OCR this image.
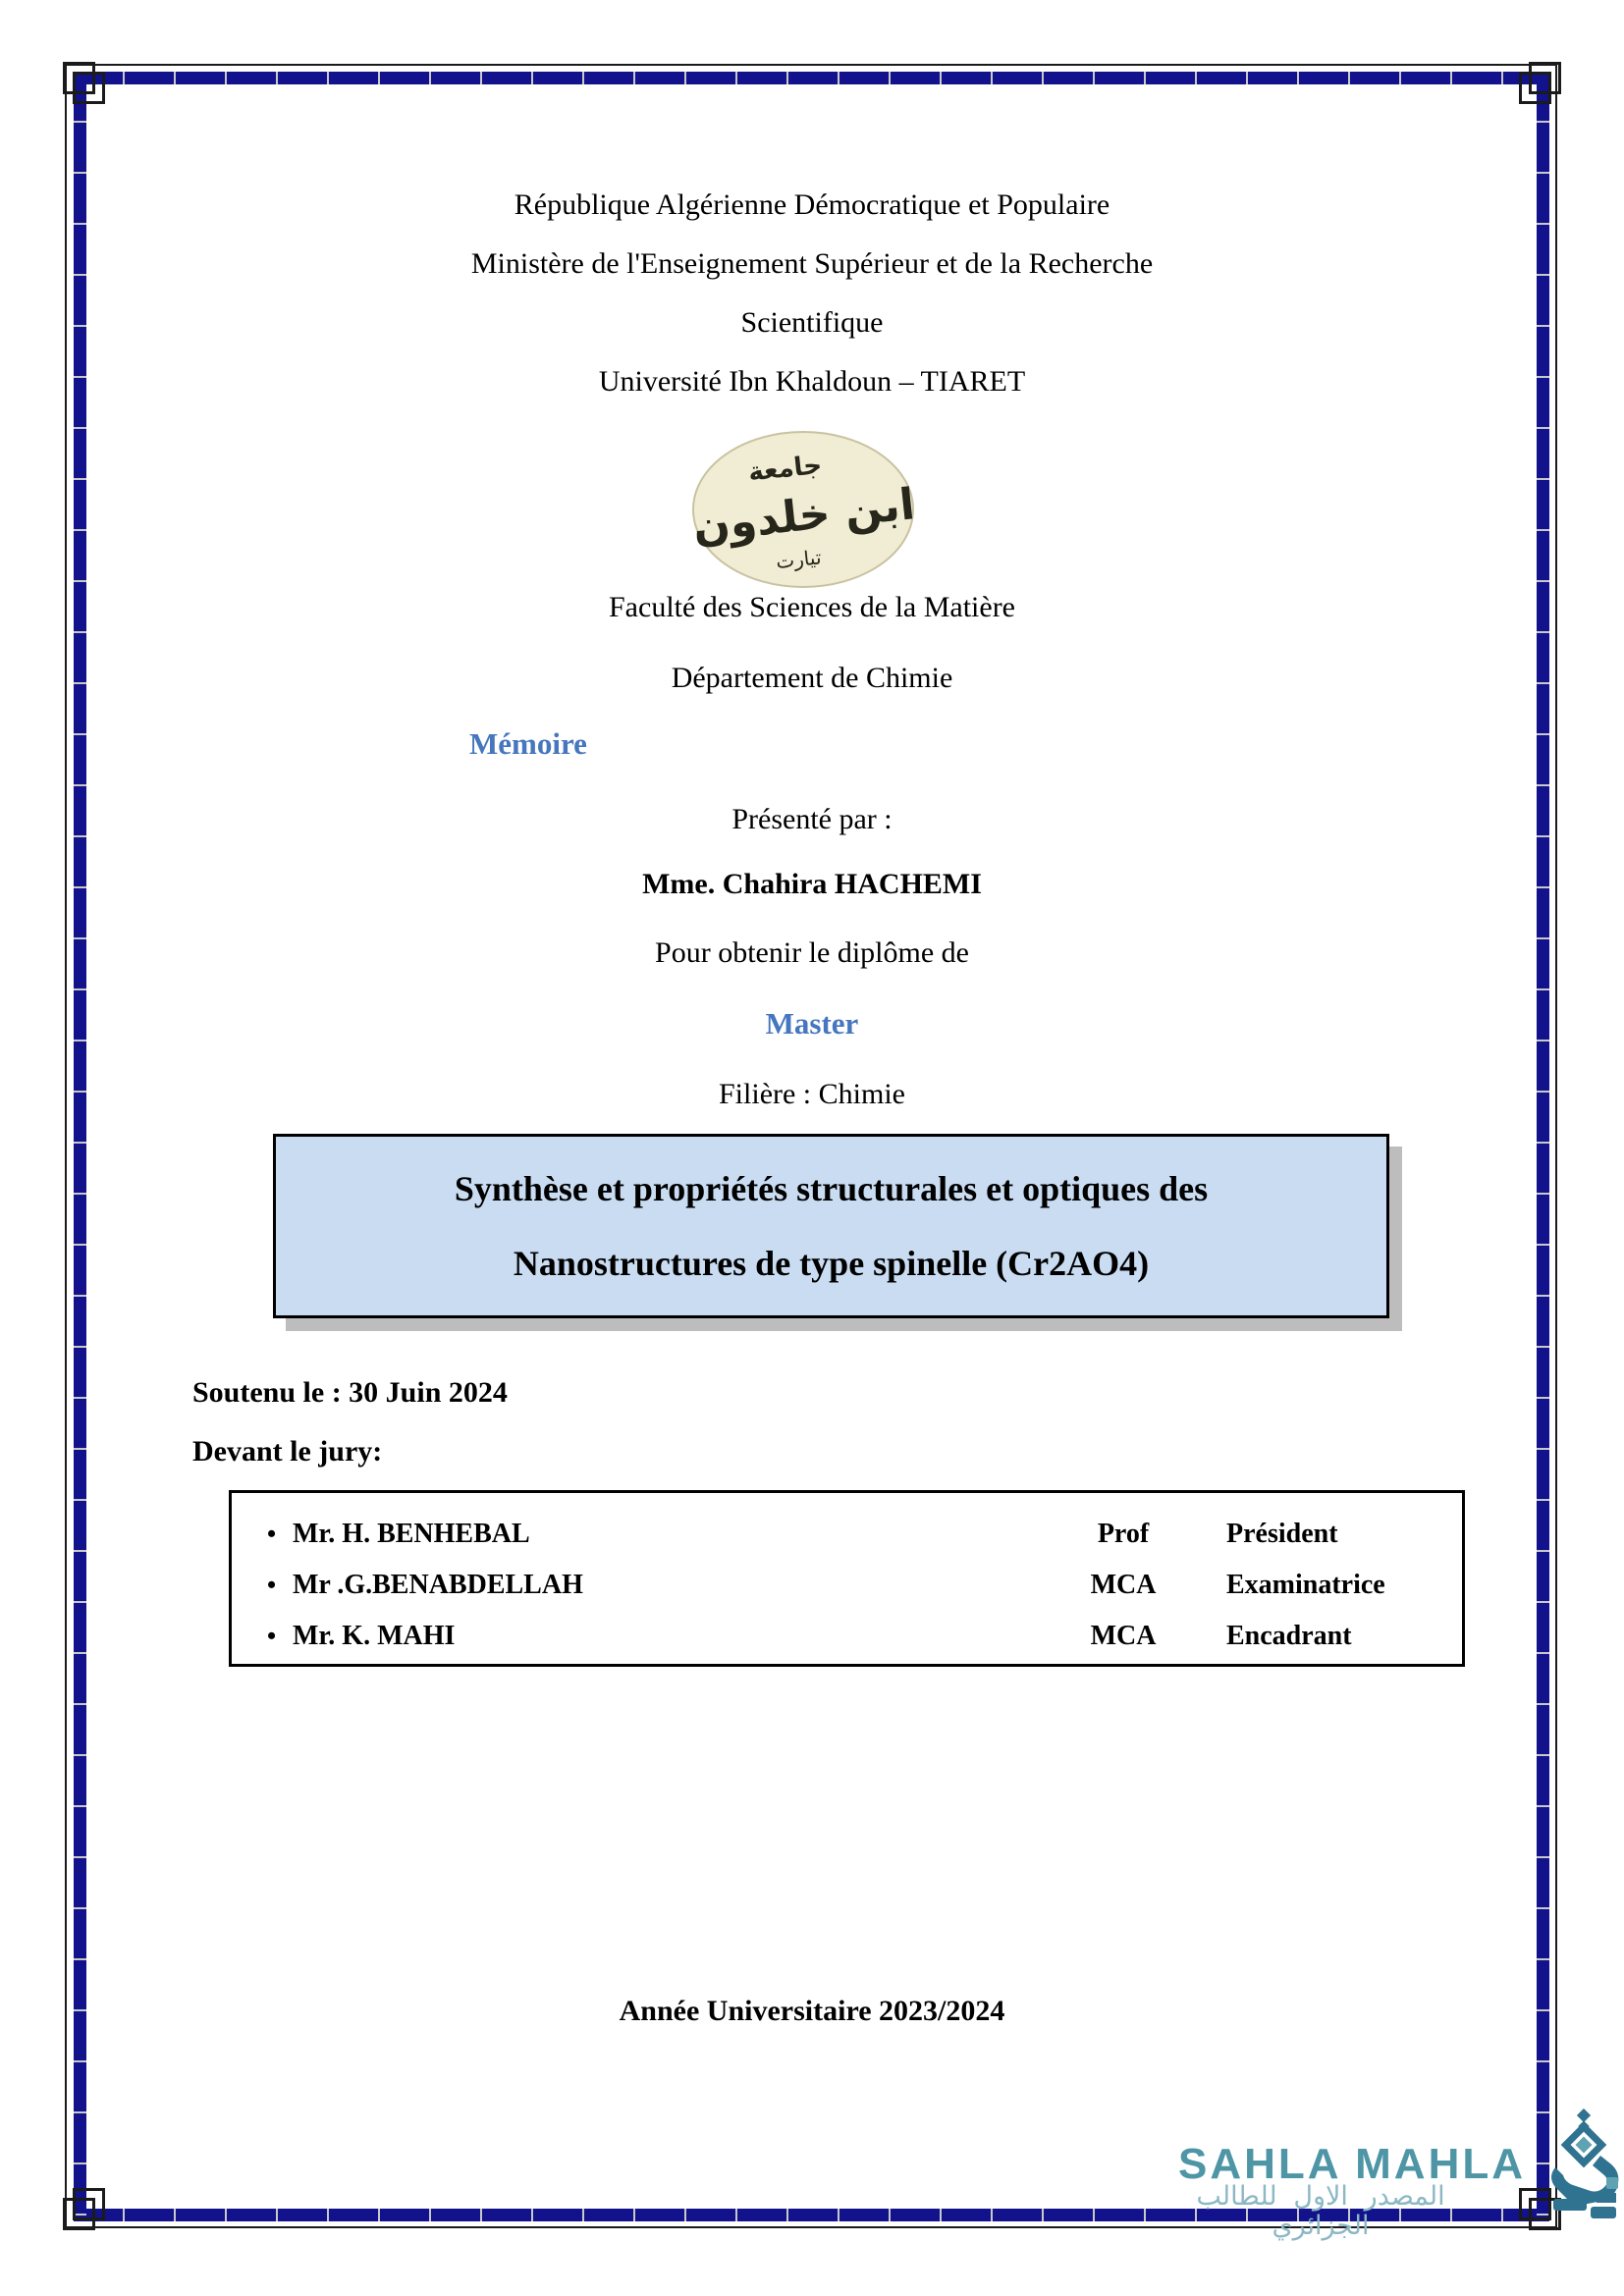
République Algérienne Démocratique et Populaire
Ministère de l'Enseignement Supérieur et de la Recherche
Scientifique
Université Ibn Khaldoun – TIARET
جامعة
ابن خلدون
تيارت
Faculté des Sciences de la Matière
Département de Chimie
Mémoire
Présenté par :
Mme. Chahira HACHEMI
Pour obtenir le diplôme de
Master
Filière : Chimie
Synthèse et propriétés structurales et optiques des
Nanostructures de type spinelle (Cr2AO4)
Soutenu le : 30 Juin 2024
Devant le jury:
• Mr. H. BENHEBAL	Prof	Président
• Mr .G.BENABDELLAH	MCA	Examinatrice
• Mr. K. MAHI	MCA	Encadrant
Année Universitaire 2023/2024
SAHLA MAHLA
المصدر الاول للطالب الجزائري
